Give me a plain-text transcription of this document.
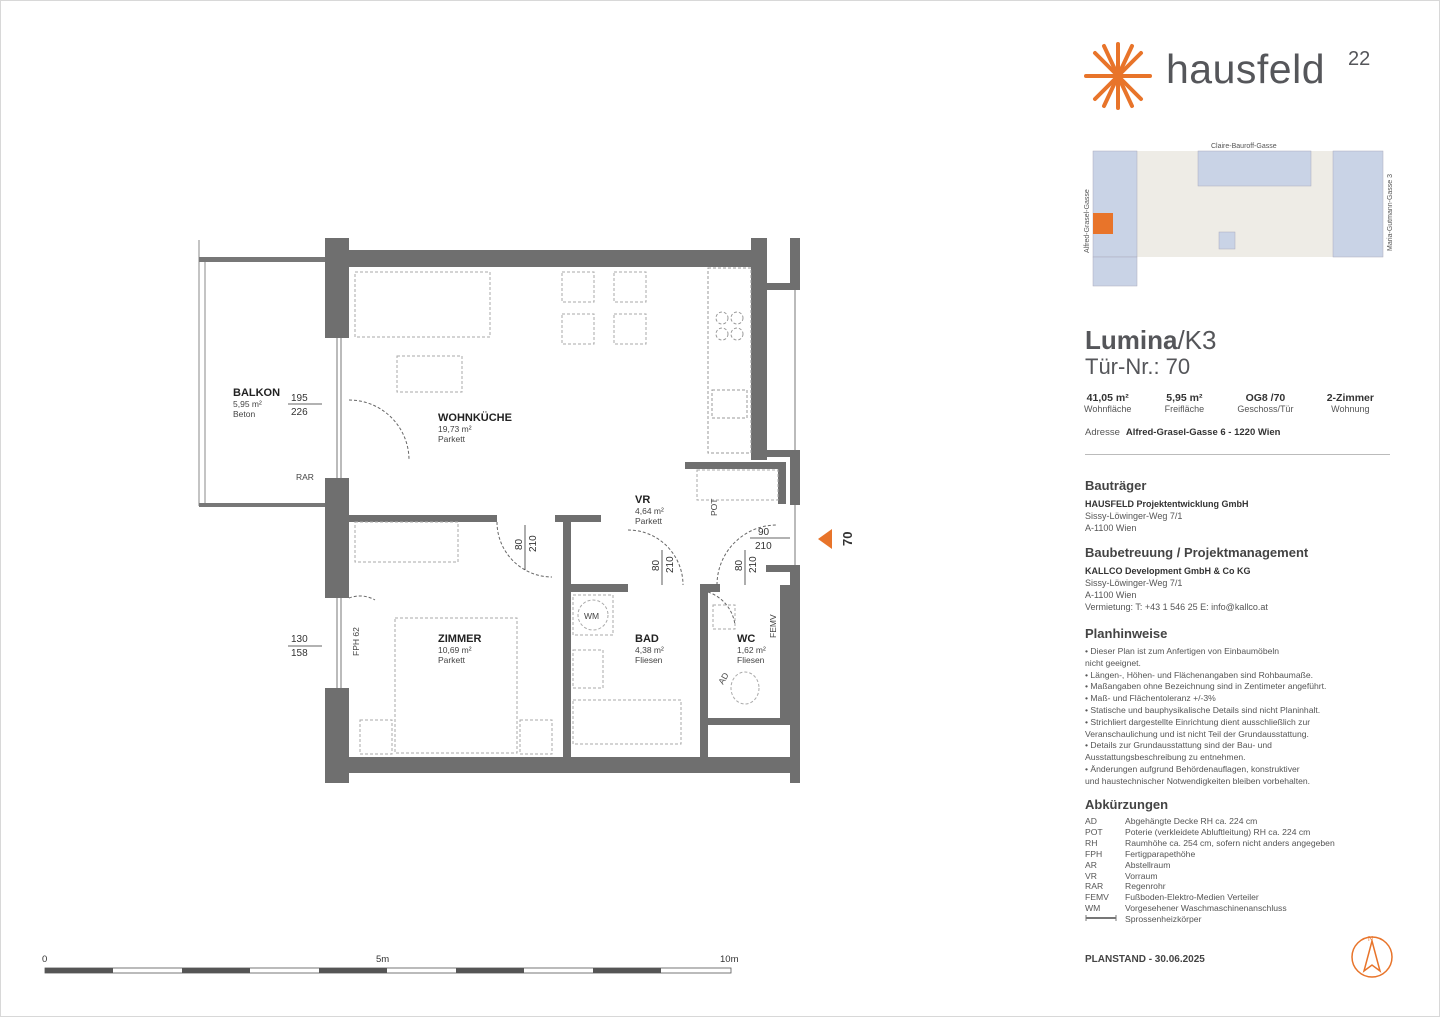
BALKON
5,95 m²
Beton	WOHNKÜCHE
19,73 m²
Parkett
VR
4,64 m²
Parkett
ZIMMER
10,69 m²
Parkett
BAD
4,38 m²
Fliesen
WC
1,62 m²
Fliesen
195
226
130
158
RAR
FPH 62
80 210
80 210	80 210
90
210
POT
FEMV
AD
WM
70
Claire-Bauroff-Gasse
Alfred-Grasel-Gasse	Maria-Gutmann-Gasse 3
0	5m	10m
hausfeld 22
Lumina/K3
Tür-Nr.: 70
41,05 m²
Wohnfläche
5,95 m²
Freifläche
OG8 /70
Geschoss/Tür
2-Zimmer
Wohnung
Adresse Alfred-Grasel-Gasse 6 - 1220 Wien
Bauträger
HAUSFELD Projektentwicklung GmbH
Sissy-Löwinger-Weg 7/1
A-1100 Wien
Baubetreuung / Projektmanagement
KALLCO Development GmbH & Co KG
Sissy-Löwinger-Weg 7/1
A-1100 Wien
Vermietung: T: +43 1 546 25 E: info@kallco.at
Planhinweise
• Dieser Plan ist zum Anfertigen von Einbaumöbeln
nicht geeignet.
• Längen-, Höhen- und Flächenangaben sind Rohbaumaße.
• Maßangaben ohne Bezeichnung sind in Zentimeter angeführt.
• Maß- und Flächentoleranz +/-3%
• Statische und bauphysikalische Details sind nicht Planinhalt.
• Strichliert dargestellte Einrichtung dient ausschließlich zur
Veranschaulichung und ist nicht Teil der Grundausstattung.
• Details zur Grundausstattung sind der Bau- und
Ausstattungsbeschreibung zu entnehmen.
• Änderungen aufgrund Behördenauflagen, konstruktiver
und haustechnischer Notwendigkeiten bleiben vorbehalten.
Abkürzungen
AD	Abgehängte Decke RH ca. 224 cm
POT	Poterie (verkleidete Abluftleitung) RH ca. 224 cm
RH	Raumhöhe ca. 254 cm, sofern nicht anders angegeben
FPH	Fertigparapethöhe
AR	Abstellraum
VR	Vorraum
RAR	Regenrohr
FEMV	Fußboden-Elektro-Medien Verteiler
WM	Vorgesehener Waschmaschinenanschluss
Sprossenheizkörper
PLANSTAND - 30.06.2025
N
